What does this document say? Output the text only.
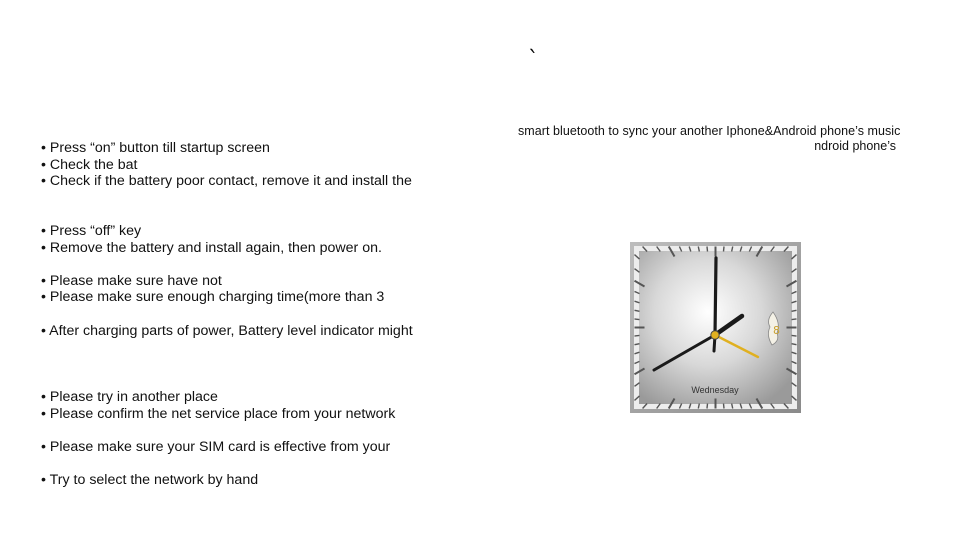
`
smart bluetooth to sync your another Iphone&Android phone’s music
ndroid phone’s
• Press “on” button till startup screen
• Check the bat
• Check if the battery poor contact, remove it and install the
• Press “off” key
• Remove the battery and install again, then power on.
• Please make sure have not
• Please make sure enough charging time(more than 3
• After charging parts of power, Battery level indicator might
• Please try in another place
• Please confirm the net service place from your network
• Please make sure your SIM card is effective from your
• Try to select the network by hand
8
Wednesday
